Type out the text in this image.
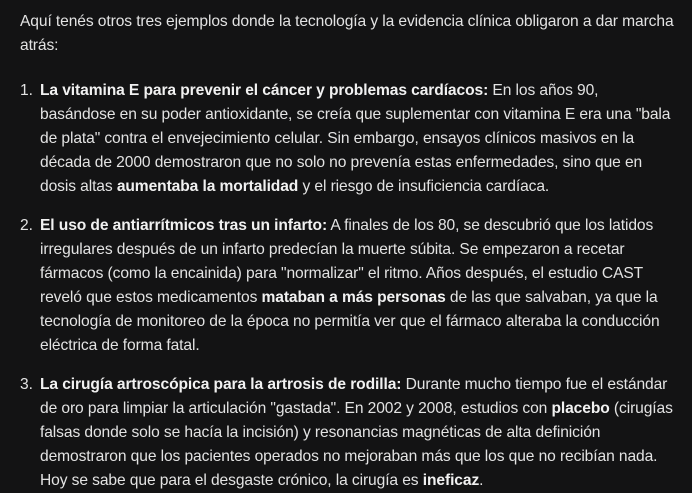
Aquí tenés otros tres ejemplos donde la tecnología y la evidencia clínica obligaron a dar marcha atrás:

1. La vitamina E para prevenir el cáncer y problemas cardíacos: En los años 90, basándose en su poder antioxidante, se creía que suplementar con vitamina E era una "bala de plata" contra el envejecimiento celular. Sin embargo, ensayos clínicos masivos en la década de 2000 demostraron que no solo no prevenía estas enfermedades, sino que en dosis altas aumentaba la mortalidad y el riesgo de insuficiencia cardíaca.
2. El uso de antiarrítmicos tras un infarto: A finales de los 80, se descubrió que los latidos irregulares después de un infarto predecían la muerte súbita. Se empezaron a recetar fármacos (como la encainida) para "normalizar" el ritmo. Años después, el estudio CAST reveló que estos medicamentos mataban a más personas de las que salvaban, ya que la tecnología de monitoreo de la época no permitía ver que el fármaco alteraba la conducción eléctrica de forma fatal.
3. La cirugía artroscópica para la artrosis de rodilla: Durante mucho tiempo fue el estándar de oro para limpiar la articulación "gastada". En 2002 y 2008, estudios con placebo (cirugías falsas donde solo se hacía la incisión) y resonancias magnéticas de alta definición demostraron que los pacientes operados no mejoraban más que los que no recibían nada. Hoy se sabe que para el desgaste crónico, la cirugía es ineficaz.
